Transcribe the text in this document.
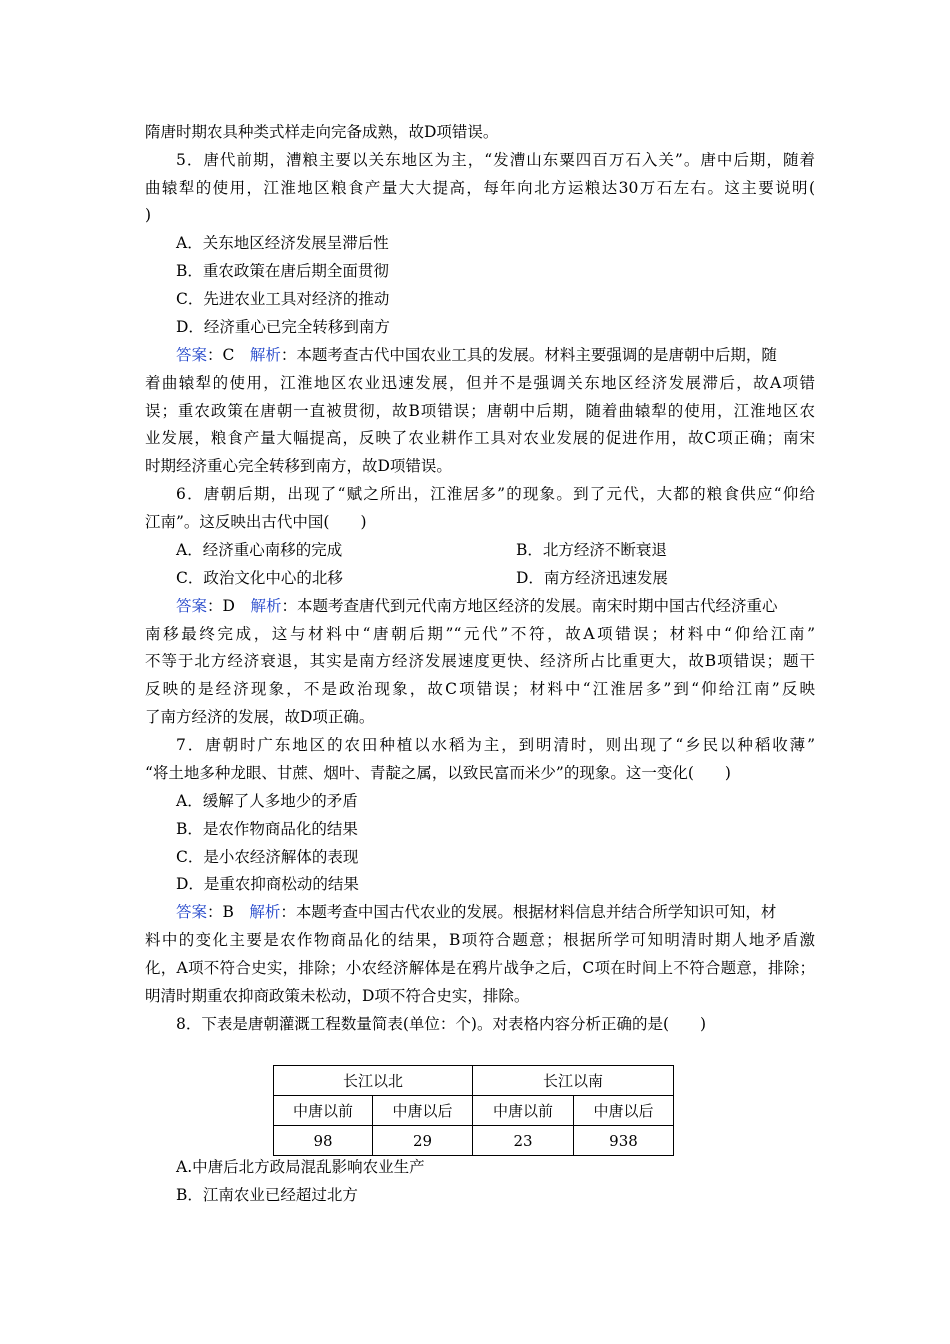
隋唐时期农具种类式样走向完备成熟，故D项错误。
5．唐代前期，漕粮主要以关东地区为主，“发漕山东粟四百万石入关”。唐中后期，随着
曲辕犁的使用，江淮地区粮食产量大大提高，每年向北方运粮达30万石左右。这主要说明(
)
A．关东地区经济发展呈滞后性
B．重农政策在唐后期全面贯彻
C．先进农业工具对经济的推动
D．经济重心已完全转移到南方
答案：C　解析：本题考查古代中国农业工具的发展。材料主要强调的是唐朝中后期，随
着曲辕犁的使用，江淮地区农业迅速发展，但并不是强调关东地区经济发展滞后，故A项错
误；重农政策在唐朝一直被贯彻，故B项错误；唐朝中后期，随着曲辕犁的使用，江淮地区农
业发展，粮食产量大幅提高，反映了农业耕作工具对农业发展的促进作用，故C项正确；南宋
时期经济重心完全转移到南方，故D项错误。
6．唐朝后期，出现了“赋之所出，江淮居多”的现象。到了元代，大都的粮食供应“仰给
江南”。这反映出古代中国(　　)
A．经济重心南移的完成	B．北方经济不断衰退
C．政治文化中心的北移	D．南方经济迅速发展
答案：D　解析：本题考查唐代到元代南方地区经济的发展。南宋时期中国古代经济重心
南移最终完成，这与材料中“唐朝后期”“元代”不符，故A项错误；材料中“仰给江南”
不等于北方经济衰退，其实是南方经济发展速度更快、经济所占比重更大，故B项错误；题干
反映的是经济现象，不是政治现象，故C项错误；材料中“江淮居多”到“仰给江南”反映
了南方经济的发展，故D项正确。
7．唐朝时广东地区的农田种植以水稻为主，到明清时，则出现了“乡民以种稻收薄”
“将土地多种龙眼、甘蔗、烟叶、青靛之属，以致民富而米少”的现象。这一变化(　　)
A．缓解了人多地少的矛盾
B．是农作物商品化的结果
C．是小农经济解体的表现
D．是重农抑商松动的结果
答案：B　解析：本题考查中国古代农业的发展。根据材料信息并结合所学知识可知，材
料中的变化主要是农作物商品化的结果，B项符合题意；根据所学可知明清时期人地矛盾激
化，A项不符合史实，排除；小农经济解体是在鸦片战争之后，C项在时间上不符合题意，排除；
明清时期重农抑商政策未松动，D项不符合史实，排除。
8．下表是唐朝灌溉工程数量简表(单位：个)。对表格内容分析正确的是(　　)
长江以北		长江以南	
中唐以前	中唐以后	中唐以前	中唐以后
98	29	23	938
A.中唐后北方政局混乱影响农业生产
B．江南农业已经超过北方
